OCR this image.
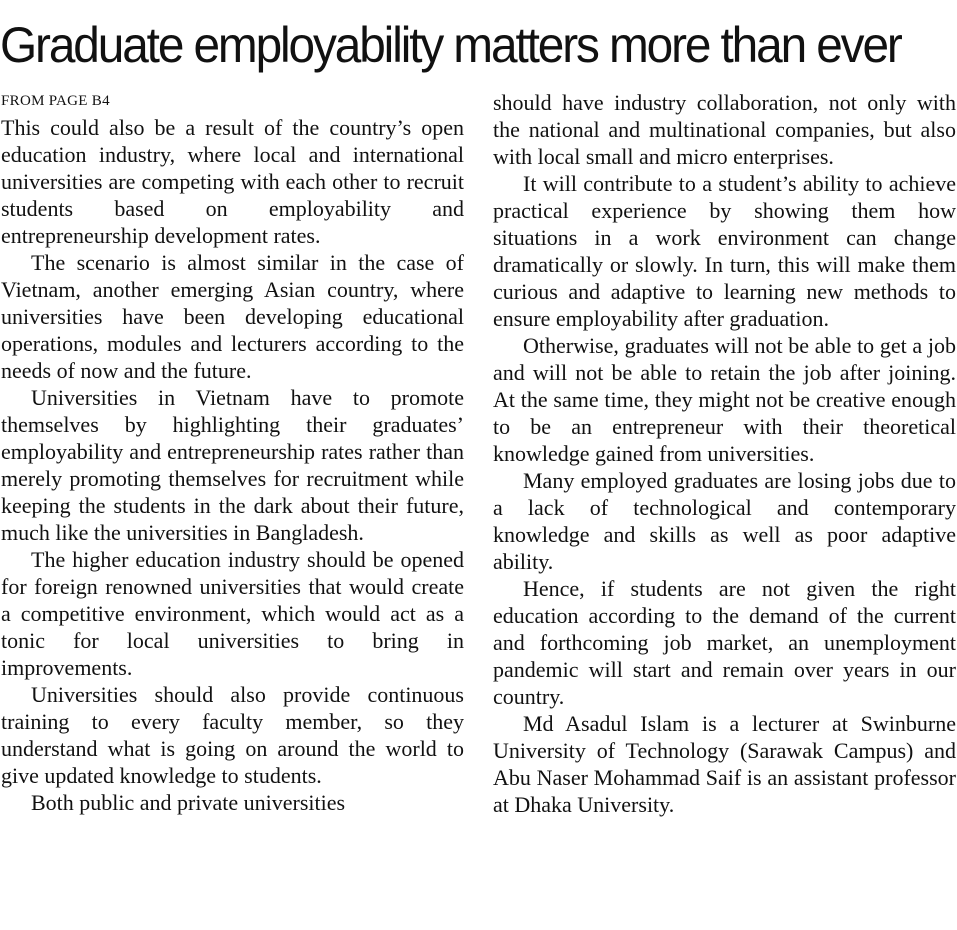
Graduate employability matters more than ever
FROM PAGE B4

This could also be a result of the country’s open education industry, where local and international universities are competing with each other to recruit students based on employability and entrepreneurship development rates.

The scenario is almost similar in the case of Vietnam, another emerging Asian country, where universities have been developing educational operations, modules and lecturers according to the needs of now and the future.

Universities in Vietnam have to promote themselves by highlighting their graduates’ employability and entrepreneurship rates rather than merely promoting themselves for recruitment while keeping the students in the dark about their future, much like the universities in Bangladesh.

The higher education industry should be opened for foreign renowned universities that would create a competitive environment, which would act as a tonic for local universities to bring in improvements.

Universities should also provide continuous training to every faculty member, so they understand what is going on around the world to give updated knowledge to students.

Both public and private universities

should have industry collaboration, not only with the national and multinational companies, but also with local small and micro enterprises.

It will contribute to a student’s ability to achieve practical experience by showing them how situations in a work environment can change dramatically or slowly. In turn, this will make them curious and adaptive to learning new methods to ensure employability after graduation.

Otherwise, graduates will not be able to get a job and will not be able to retain the job after joining. At the same time, they might not be creative enough to be an entrepreneur with their theoretical knowledge gained from universities.

Many employed graduates are losing jobs due to a lack of technological and contemporary knowledge and skills as well as poor adaptive ability.

Hence, if students are not given the right education according to the demand of the current and forthcoming job market, an unemployment pandemic will start and remain over years in our country.

Md Asadul Islam is a lecturer at Swinburne University of Technology (Sarawak Campus) and Abu Naser Mohammad Saif is an assistant professor at Dhaka University.
